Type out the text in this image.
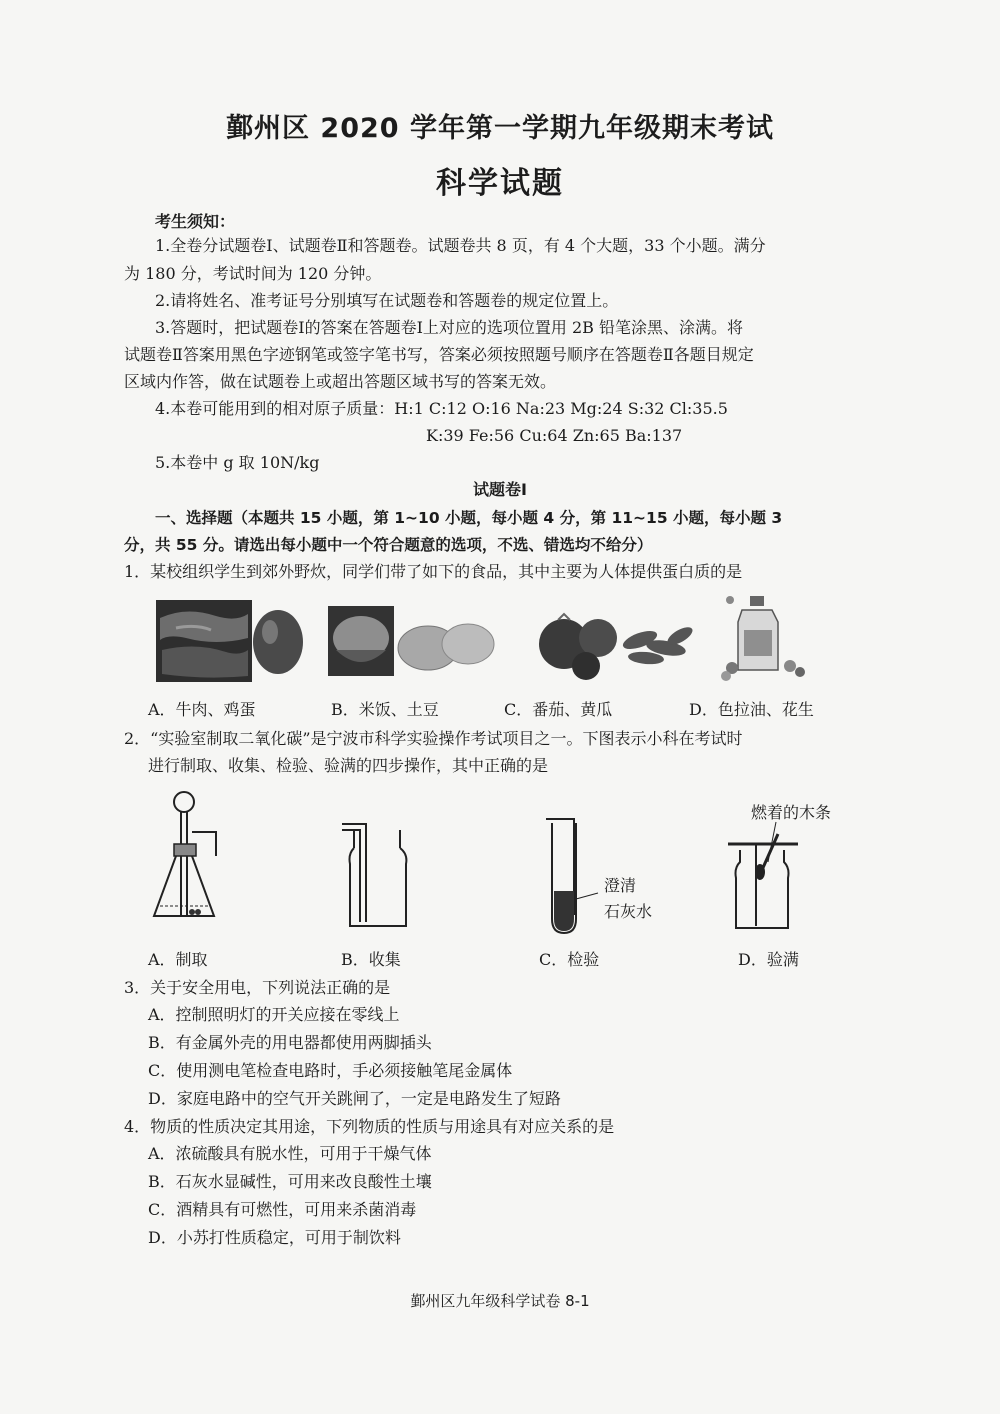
鄞州区 2020 学年第一学期九年级期末考试
科学试题
考生须知：
1.全卷分试题卷Ⅰ、试题卷Ⅱ和答题卷。试题卷共 8 页，有 4 个大题，33 个小题。满分
为 180 分，考试时间为 120 分钟。
2.请将姓名、准考证号分别填写在试题卷和答题卷的规定位置上。
3.答题时，把试题卷Ⅰ的答案在答题卷Ⅰ上对应的选项位置用 2B 铅笔涂黑、涂满。将
试题卷Ⅱ答案用黑色字迹钢笔或签字笔书写，答案必须按照题号顺序在答题卷Ⅱ各题目规定
区域内作答，做在试题卷上或超出答题区域书写的答案无效。
4.本卷可能用到的相对原子质量：H:1 C:12 O:16 Na:23 Mg:24 S:32 Cl:35.5
K:39 Fe:56 Cu:64 Zn:65 Ba:137
5.本卷中 g 取 10N/kg
试题卷Ⅰ
一、选择题（本题共 15 小题，第 1~10 小题，每小题 4 分，第 11~15 小题，每小题 3
分，共 55 分。请选出每小题中一个符合题意的选项，不选、错选均不给分）
1．某校组织学生到郊外野炊，同学们带了如下的食品，其中主要为人体提供蛋白质的是
A．牛肉、鸡蛋	B．米饭、土豆	C．番茄、黄瓜	D．色拉油、花生
2．“实验室制取二氧化碳”是宁波市科学实验操作考试项目之一。下图表示小科在考试时
进行制取、收集、检验、验满的四步操作，其中正确的是
澄清
石灰水
燃着的木条
A．制取	B．收集	C．检验	D．验满
3．关于安全用电，下列说法正确的是
A．控制照明灯的开关应接在零线上
B．有金属外壳的用电器都使用两脚插头
C．使用测电笔检查电路时，手必须接触笔尾金属体
D．家庭电路中的空气开关跳闸了，一定是电路发生了短路
4．物质的性质决定其用途，下列物质的性质与用途具有对应关系的是
A．浓硫酸具有脱水性，可用于干燥气体
B．石灰水显碱性，可用来改良酸性土壤
C．酒精具有可燃性，可用来杀菌消毒
D．小苏打性质稳定，可用于制饮料
鄞州区九年级科学试卷 8-1
